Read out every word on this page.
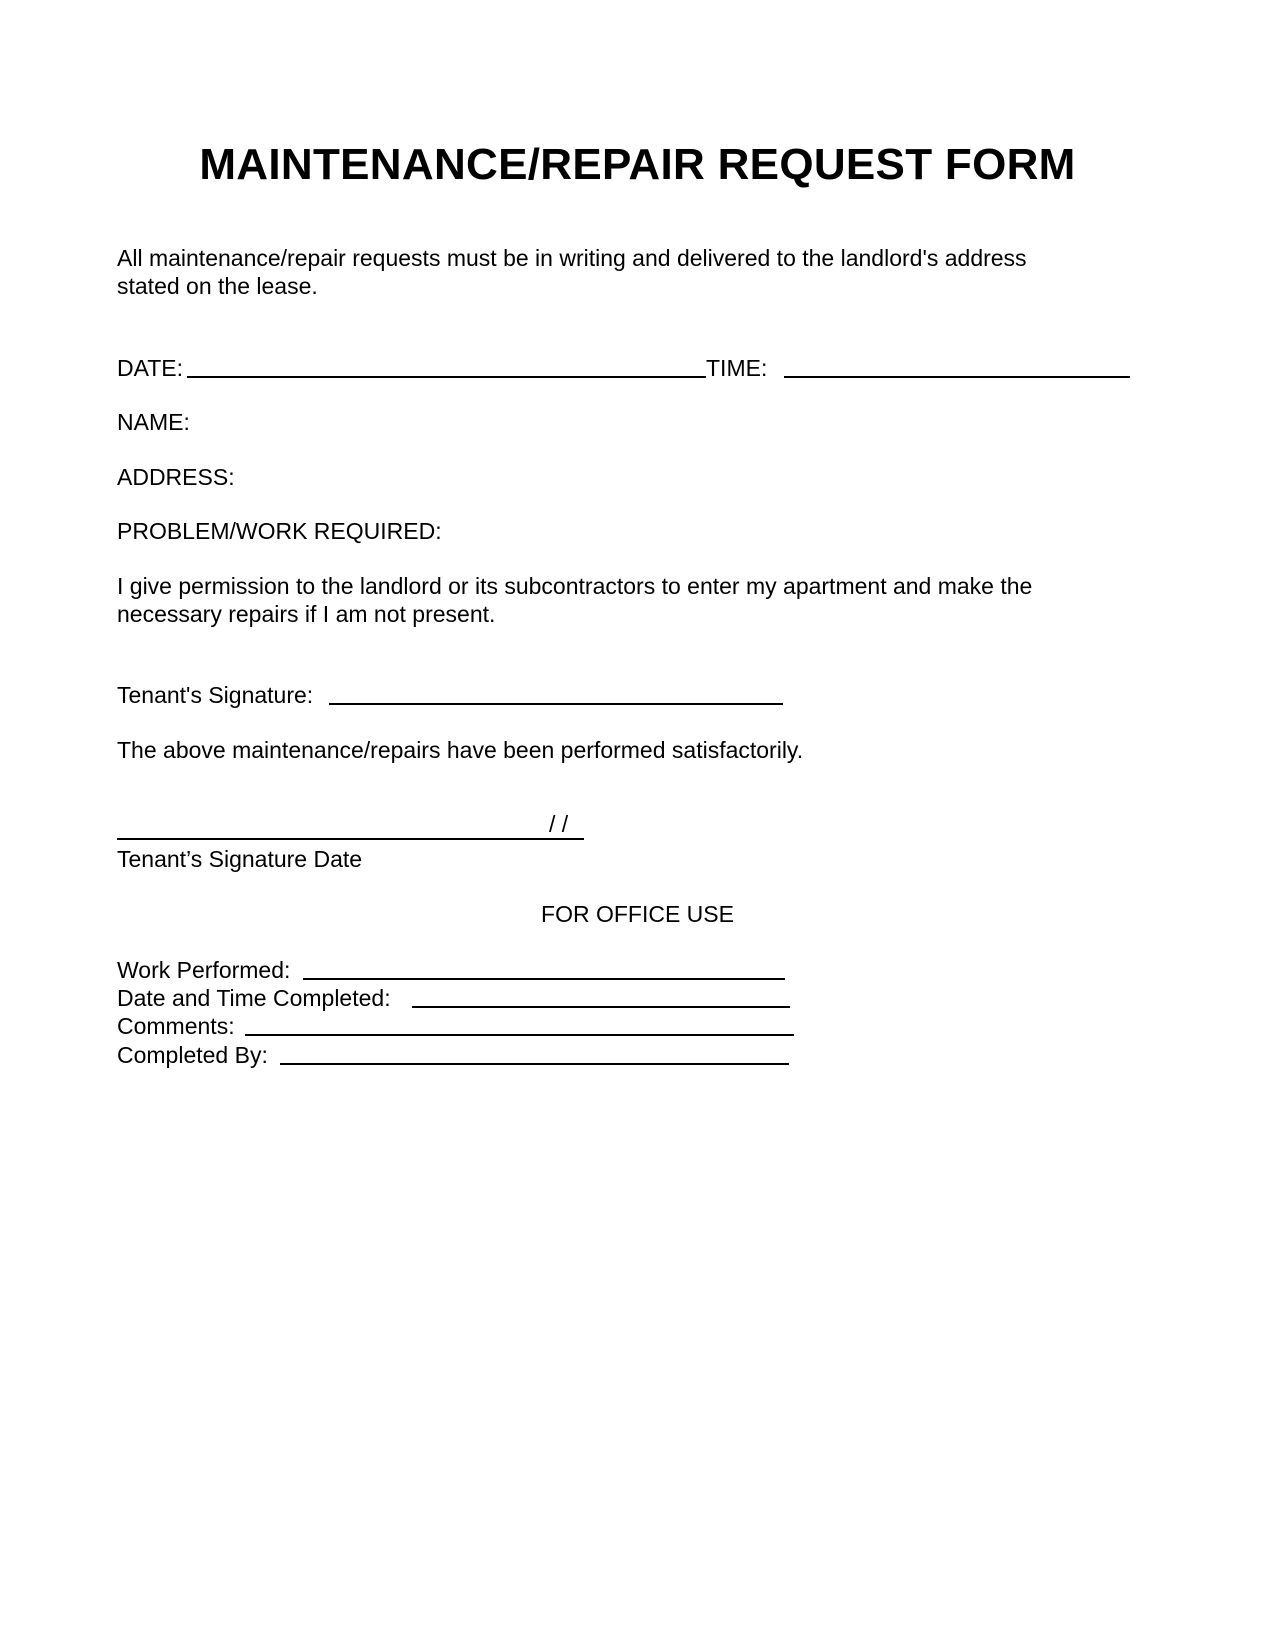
MAINTENANCE/REPAIR REQUEST FORM
All maintenance/repair requests must be in writing and delivered to the landlord's address
stated on the lease.
DATE:	TIME:
NAME:
ADDRESS:
PROBLEM/WORK REQUIRED:
I give permission to the landlord or its subcontractors to enter my apartment and make the
necessary repairs if I am not present.
Tenant's Signature:
The above maintenance/repairs have been performed satisfactorily.
/ /
Tenant’s Signature Date
FOR OFFICE USE
Work Performed:
Date and Time Completed:
Comments:
Completed By:
